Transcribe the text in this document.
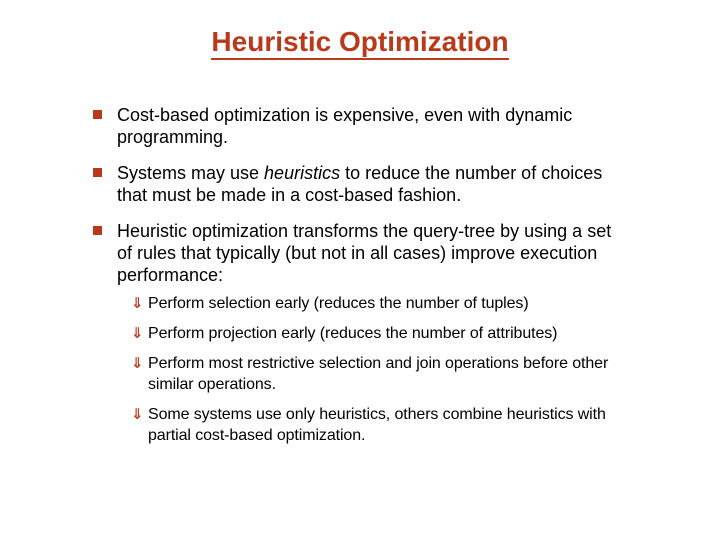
Heuristic Optimization
Cost-based optimization is expensive, even with dynamic programming.
Systems may use heuristics to reduce the number of choices that must be made in a cost-based fashion.
Heuristic optimization transforms the query-tree by using a set of rules that typically (but not in all cases) improve execution performance:
⇓ Perform selection early (reduces the number of tuples)
⇓ Perform projection early (reduces the number of attributes)
⇓ Perform most restrictive selection and join operations before other similar operations.
⇓ Some systems use only heuristics, others combine heuristics with partial cost-based optimization.
